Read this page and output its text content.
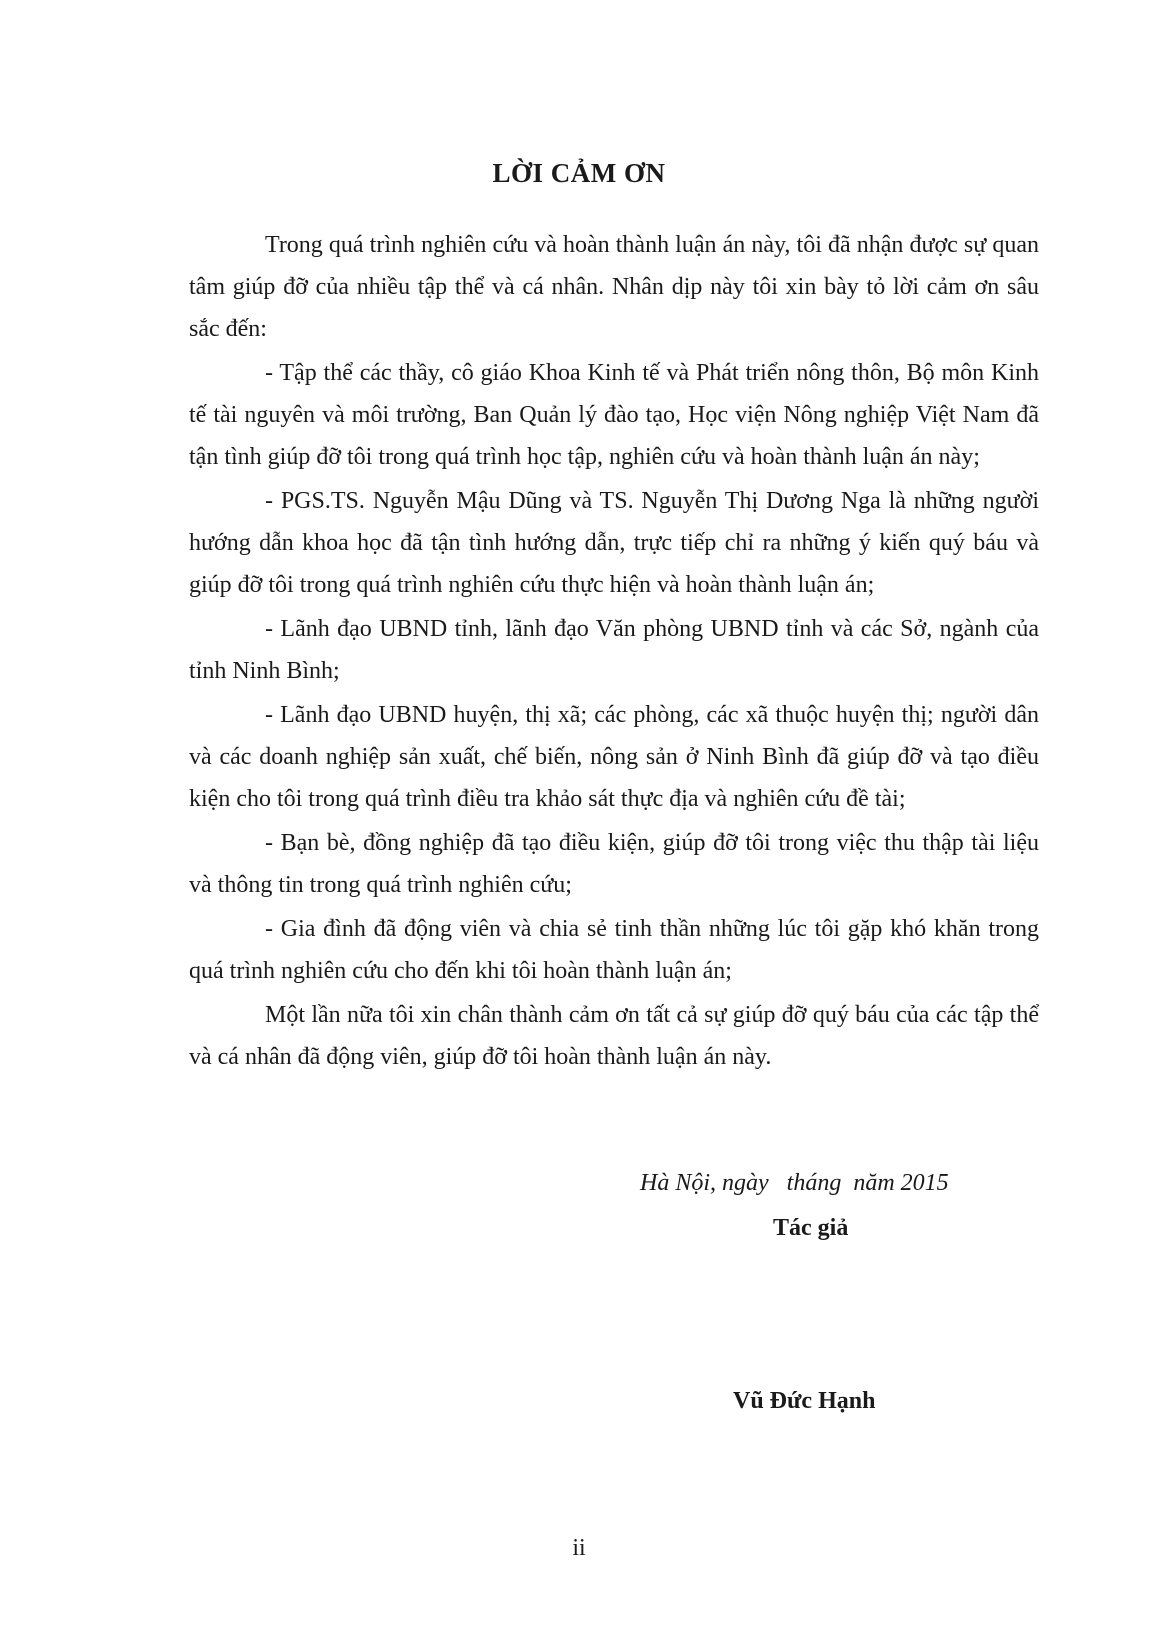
LỜI CẢM ƠN

Trong quá trình nghiên cứu và hoàn thành luận án này, tôi đã nhận được sự quan tâm giúp đỡ của nhiều tập thể và cá nhân. Nhân dịp này tôi xin bày tỏ lời cảm ơn sâu sắc đến:

- Tập thể các thầy, cô giáo Khoa Kinh tế và Phát triển nông thôn, Bộ môn Kinh tế tài nguyên và môi trường, Ban Quản lý đào tạo, Học viện Nông nghiệp Việt Nam đã tận tình giúp đỡ tôi trong quá trình học tập, nghiên cứu và hoàn thành luận án này;

- PGS.TS. Nguyễn Mậu Dũng và TS. Nguyễn Thị Dương Nga là những người hướng dẫn khoa học đã tận tình hướng dẫn, trực tiếp chỉ ra những ý kiến quý báu và giúp đỡ tôi trong quá trình nghiên cứu thực hiện và hoàn thành luận án;

- Lãnh đạo UBND tỉnh, lãnh đạo Văn phòng UBND tỉnh và các Sở, ngành của tỉnh Ninh Bình;

- Lãnh đạo UBND huyện, thị xã; các phòng, các xã thuộc huyện thị; người dân và các doanh nghiệp sản xuất, chế biến, nông sản ở Ninh Bình đã giúp đỡ và tạo điều kiện cho tôi trong quá trình điều tra khảo sát thực địa và nghiên cứu đề tài;

- Bạn bè, đồng nghiệp đã tạo điều kiện, giúp đỡ tôi trong việc thu thập tài liệu và thông tin trong quá trình nghiên cứu;

- Gia đình đã động viên và chia sẻ tinh thần những lúc tôi gặp khó khăn trong quá trình nghiên cứu cho đến khi tôi hoàn thành luận án;

Một lần nữa tôi xin chân thành cảm ơn tất cả sự giúp đỡ quý báu của các tập thể và cá nhân đã động viên, giúp đỡ tôi hoàn thành luận án này.

Hà Nội, ngày   tháng  năm 2015
Tác giả
Vũ Đức Hạnh
ii
